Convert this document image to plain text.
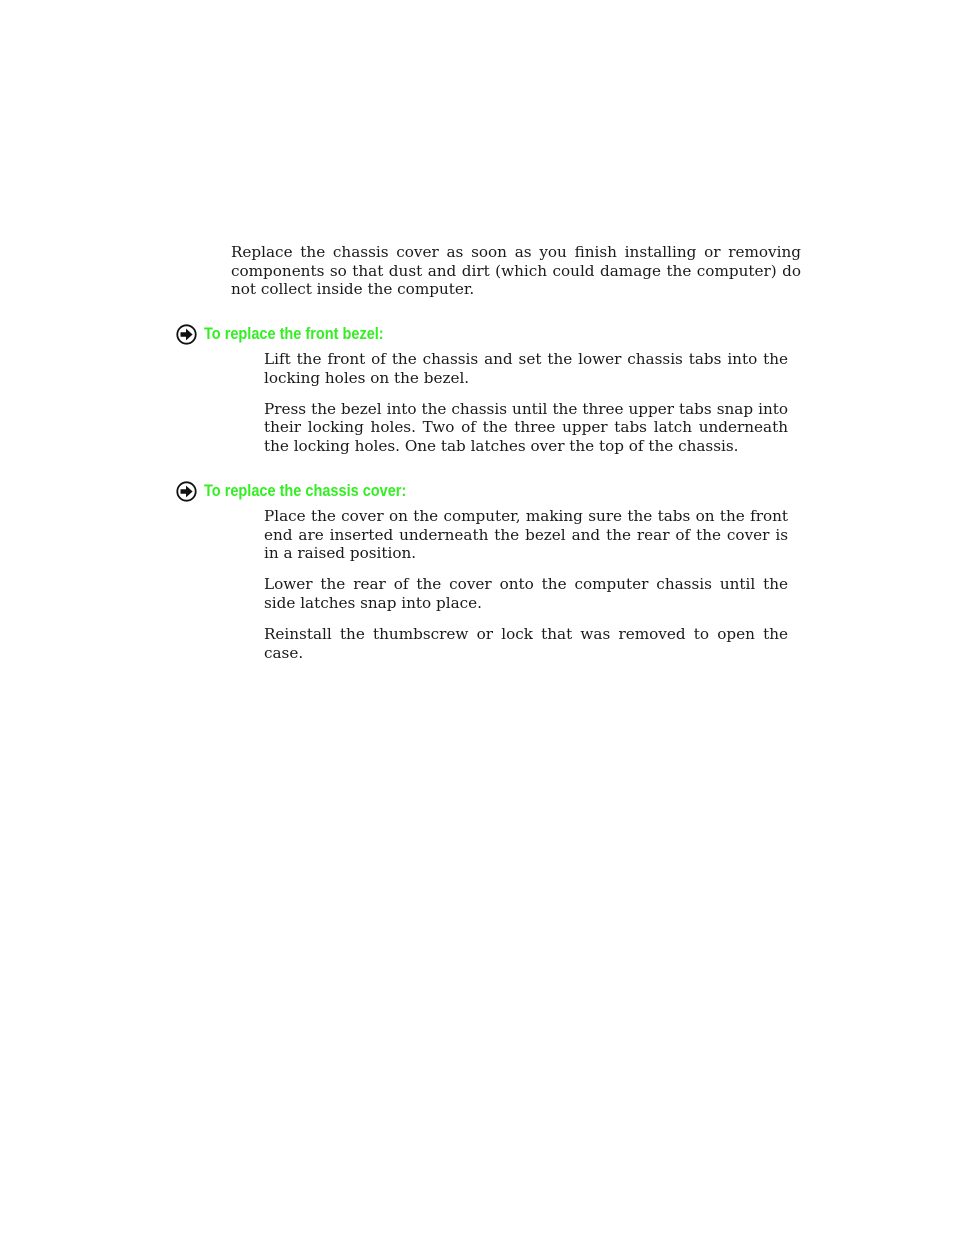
Replace the chassis cover as soon as you finish installing or removing components so that dust and dirt (which could damage the computer) do not collect inside the computer.

To replace the front bezel:

Lift the front of the chassis and set the lower chassis tabs into the locking holes on the bezel.

Press the bezel into the chassis until the three upper tabs snap into their locking holes. Two of the three upper tabs latch underneath the locking holes. One tab latches over the top of the chassis.

To replace the chassis cover:

Place the cover on the computer, making sure the tabs on the front end are inserted underneath the bezel and the rear of the cover is in a raised position.

Lower the rear of the cover onto the computer chassis until the side latches snap into place.

Reinstall the thumbscrew or lock that was removed to open the case.
